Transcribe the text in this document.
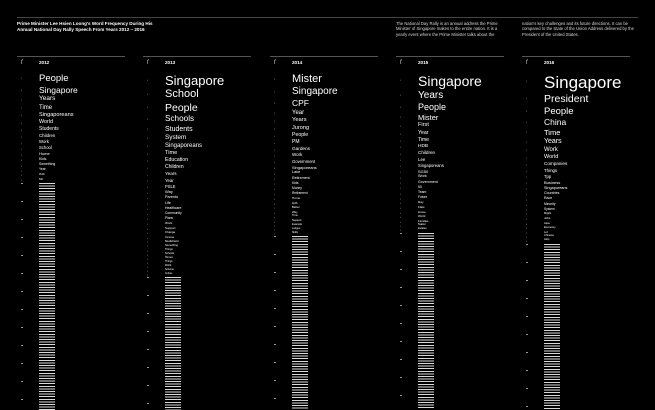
Prime Minister Lee Hsien Loong's Word Frequency During His Annual National Day Rally Speech From Years 2012 – 2016
The National Day Rally is an annual address the Prime Minister of Singapore makes to the entire nation. It is a yearly event where the Prime Minister talks about the
nation's key challenges and its future directions. It can be compared to the State of the Union Address delivered by the President of the United States.
f	2012
• People
• Singapore
•	Years
•	Time
•	Singaporeans
•	World
•	Students
•	Children
•	Work
•	School
•	Home
•	Kids
•	Something
•	Year
•	Hdb
•	Mrt
f	2013
• Singapore
• School
• People
• Schools
• Students
•	System
•	Singaporeans
•	Time
•	Education
•	Children
•	Years
•	Year
•	PSLE
•	Way
•	Parents
•	Life
•	Healthcare
•	Community
•	Plans
•	Work
•	Support
•	Change
•	Income
•	Medishield
•
Something
•
Things
•
Schools
•
Homes
•
Things
•
World
•
Scheme
•	Culture
f	2014
• Mister
• Singapore
• CPF
•	Year
•	Years
•	Jurong
•	People
•	PM
•	Gardens
•	Work
•	Government
•	Singaporeans
•	Lake
•	Retirement
•	Kids
•	Money
•	Retirement
•	Home
•	Hdb
•	Better
•	Way
•
Time
•
Support
•
Example
•
Lodges
•
Skills
f	2015
• Singapore
• Years
• People
• Mister
•	First
•	Year
•	Time
•	HDB
•	Children
•	Lee
•	Singaporeans
•	SG50
•	Work
•	Government
•	50
•	Team
•	Future
•	Day
•	Flats
•	Home
•	World
•	Families
•
Nation
•
Estates
f	2016
• Singapore
• President
• People
• China
• Time
• Years
•	Work
•	World
•	Companies
•	Things
•	Tpp
•	Business
•	Singaporeans
•	Countries
•	Race
•	Minority
•	System
•	Right
•	Jobs
•	Asia
•	Economy
•	Lot
•
Chinese
•
Help
